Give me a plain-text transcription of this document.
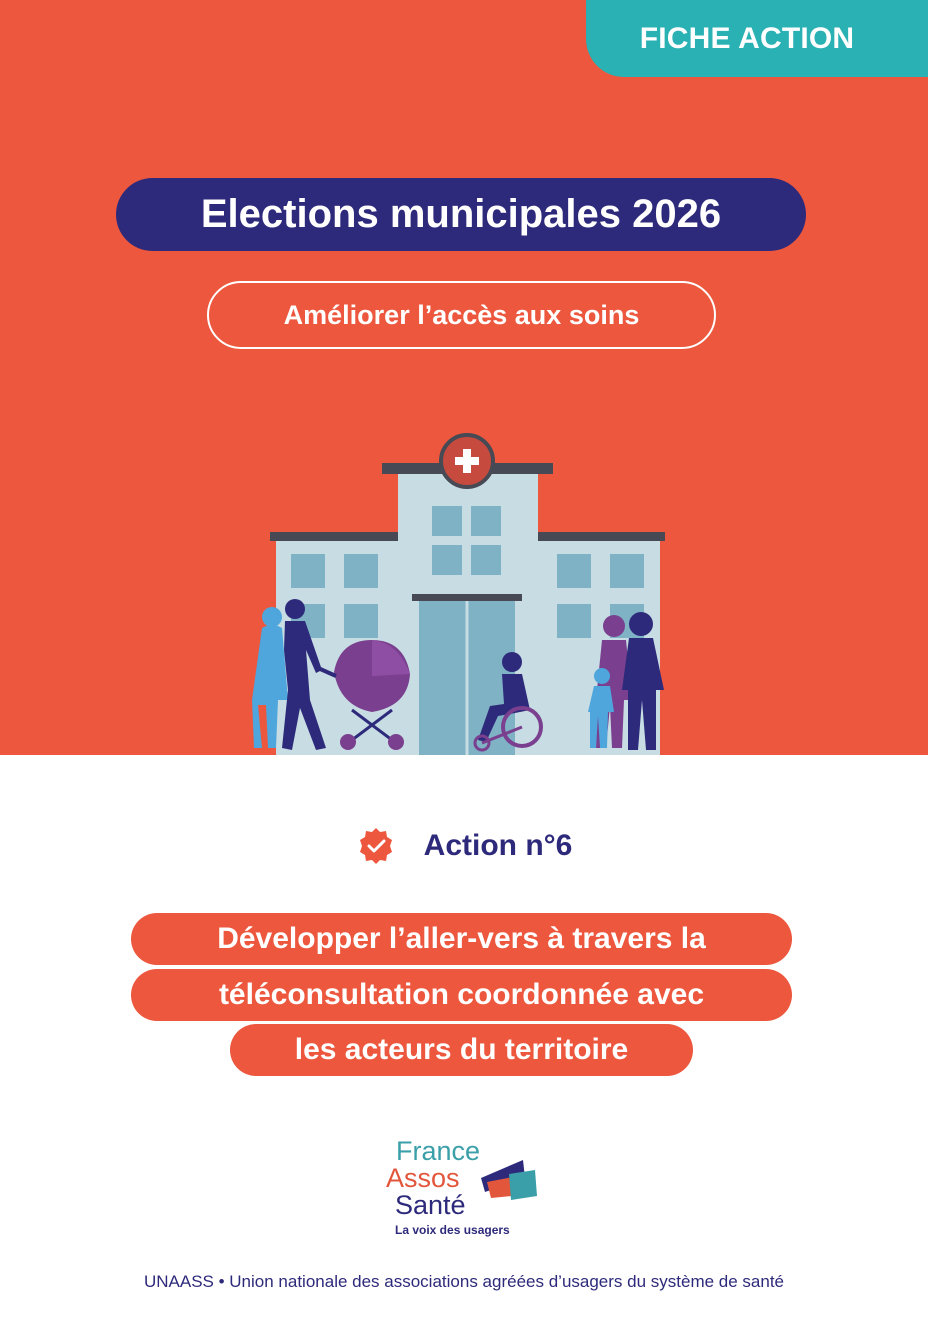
FICHE ACTION
Elections municipales 2026
Améliorer l’accès aux soins
Action n°6
Développer l’aller-vers à travers la
téléconsultation coordonnée avec
les acteurs du territoire
France
Assos
Santé
La voix des usagers
UNAASS • Union nationale des associations agréées d’usagers du système de santé
